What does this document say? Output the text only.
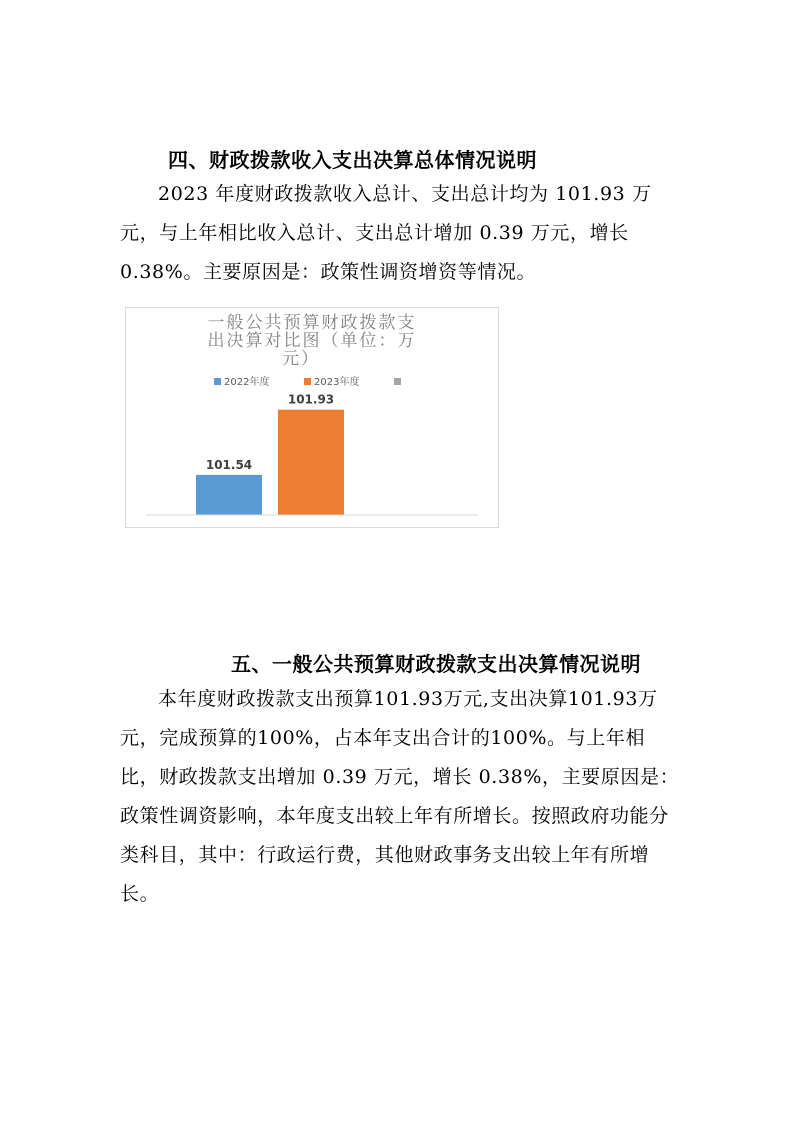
四、财政拨款收入支出决算总体情况说明
2023 年度财政拨款收入总计、支出总计均为 101.93 万元，与上年相比收入总计、支出总计增加 0.39 万元，增长 0.38%。主要原因是：政策性调资增资等情况。
一般公共预算财政拨款支
出决算对比图（单位：万
元）
2022年度	2023年度
101.54
101.93
五、一般公共预算财政拨款支出决算情况说明
本年度财政拨款支出预算101.93万元,支出决算101.93万元，完成预算的100%，占本年支出合计的100%。与上年相比，财政拨款支出增加 0.39 万元，增长 0.38%，主要原因是：政策性调资影响，本年度支出较上年有所增长。按照政府功能分类科目，其中：行政运行费，其他财政事务支出较上年有所增长。
